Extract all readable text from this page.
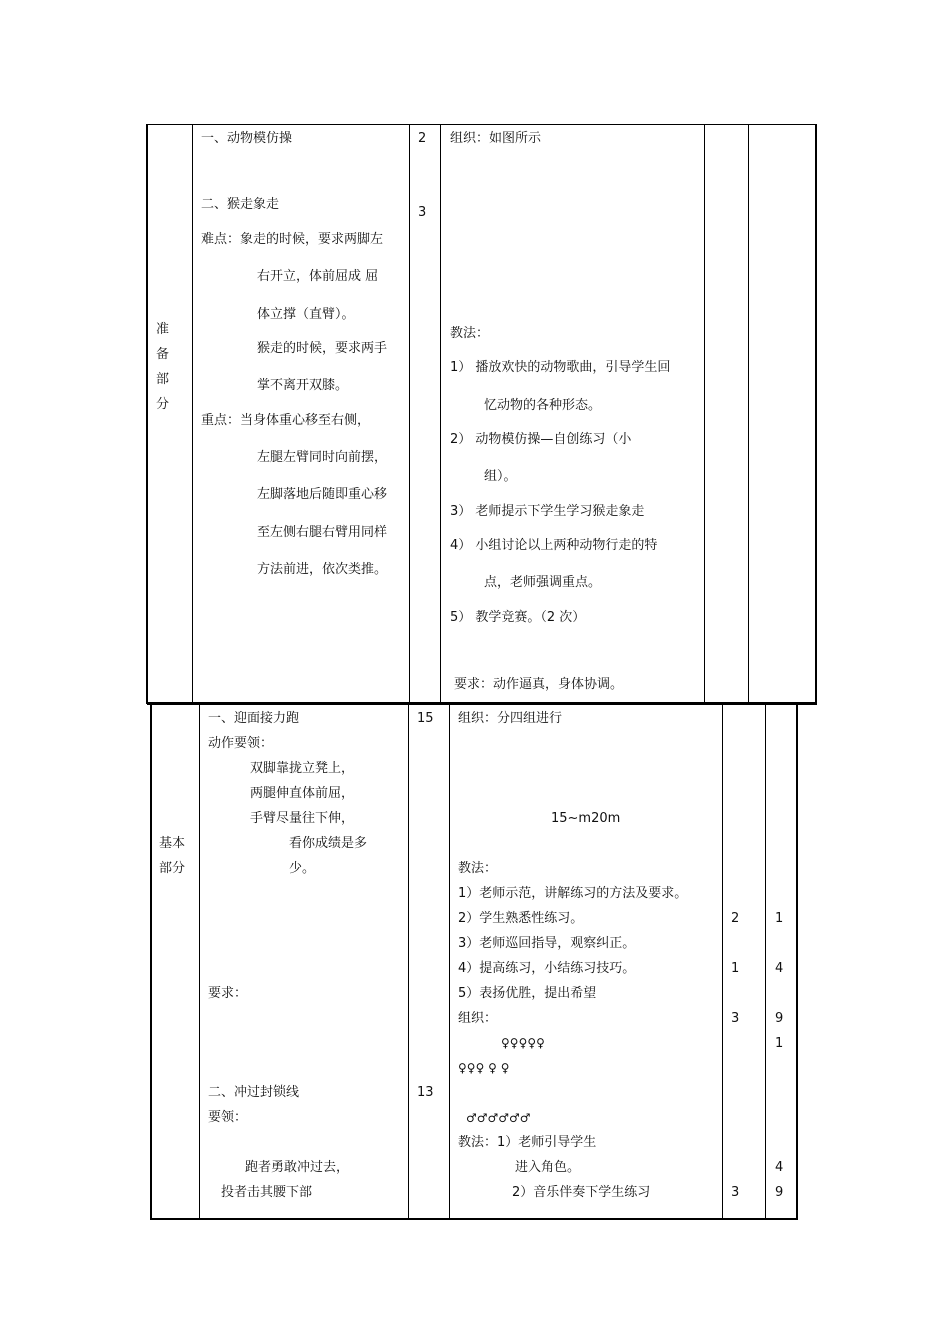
准
备
部
分
一、动物模仿操
二、猴走象走
难点：象走的时候，要求两脚左
右开立，体前屈成 屈
体立撑（直臂）。
猴走的时候，要求两手
掌不离开双膝。
重点：当身体重心移至右侧，
左腿左臂同时向前摆，
左脚落地后随即重心移
至左侧右腿右臂用同样
方法前进，依次类推。
2
3
组织：如图所示
教法：
1） 播放欢快的动物歌曲，引导学生回
忆动物的各种形态。
2） 动物模仿操—自创练习（小
组）。
3） 老师提示下学生学习猴走象走
4） 小组讨论以上两种动物行走的特
点，老师强调重点。
5） 教学竞赛。（2 次）
要求：动作逼真，身体协调。
基本
部分
一、迎面接力跑
动作要领：
双脚靠拢立凳上，
两腿伸直体前屈，
手臂尽量往下伸，
看你成绩是多
少。
要求：
二、冲过封锁线
要领：
跑者勇敢冲过去，
投者击其腰下部
15
13
组织：分四组进行
15~m20m
教法：
1）老师示范，讲解练习的方法及要求。
2）学生熟悉性练习。
3）老师巡回指导，观察纠正。
4）提高练习，小结练习技巧。
5）表扬优胜，提出希望
组织：
♀♀♀♀♀
♀♀♀ ♀ ♀
♂♂♂♂♂♂
教法：1）老师引导学生
进入角色。
2）音乐伴奏下学生练习
2
1
3
3
1
4
9
1
4
9
